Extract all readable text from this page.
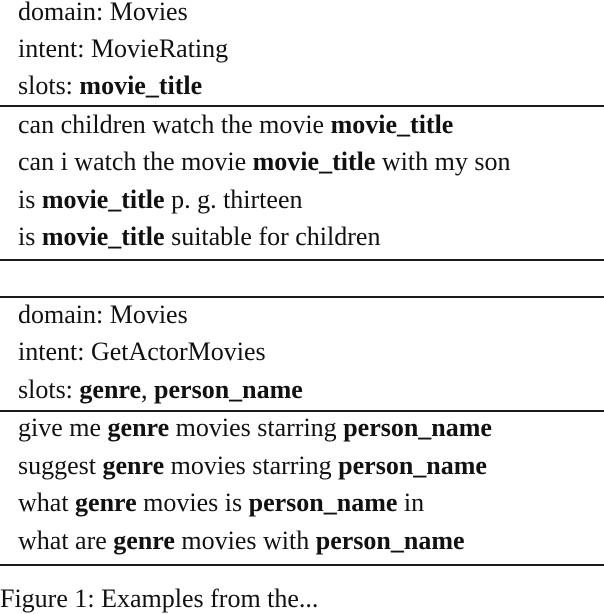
domain: Movies
intent: MovieRating
slots: movie_title
can children watch the movie movie_title
can i watch the movie movie_title with my son
is movie_title p. g. thirteen
is movie_title suitable for children
domain: Movies
intent: GetActorMovies
slots: genre, person_name
give me genre movies starring person_name
suggest genre movies starring person_name
what genre movies is person_name in
what are genre movies with person_name
Figure 1: Examples from the...
